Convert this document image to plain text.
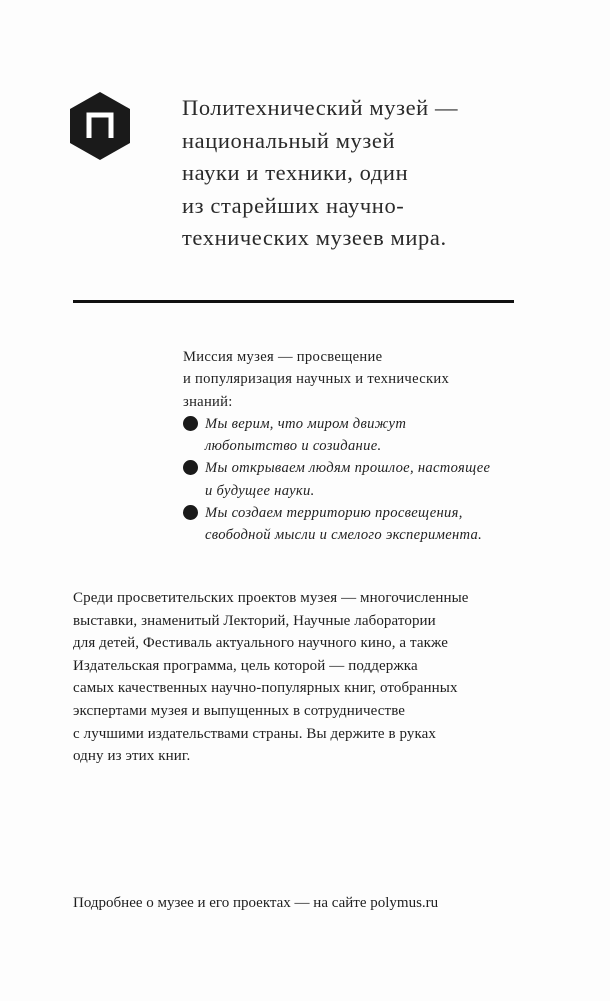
Политехнический музей —
национальный музей
науки и техники, один
из старейших научно-
технических музеев мира.
Миссия музея — просвещение
и популяризация научных и технических
знаний:
Мы верим, что миром движут
любопытство и созидание.
Мы открываем людям прошлое, настоящее
и будущее науки.
Мы создаем территорию просвещения,
свободной мысли и смелого эксперимента.
Среди просветительских проектов музея — многочисленные
выставки, знаменитый Лекторий, Научные лаборатории
для детей, Фестиваль актуального научного кино, а также
Издательская программа, цель которой — поддержка
самых качественных научно-популярных книг, отобранных
экспертами музея и выпущенных в сотрудничестве
с лучшими издательствами страны. Вы держите в руках
одну из этих книг.
Подробнее о музее и его проектах — на сайте polymus.ru
